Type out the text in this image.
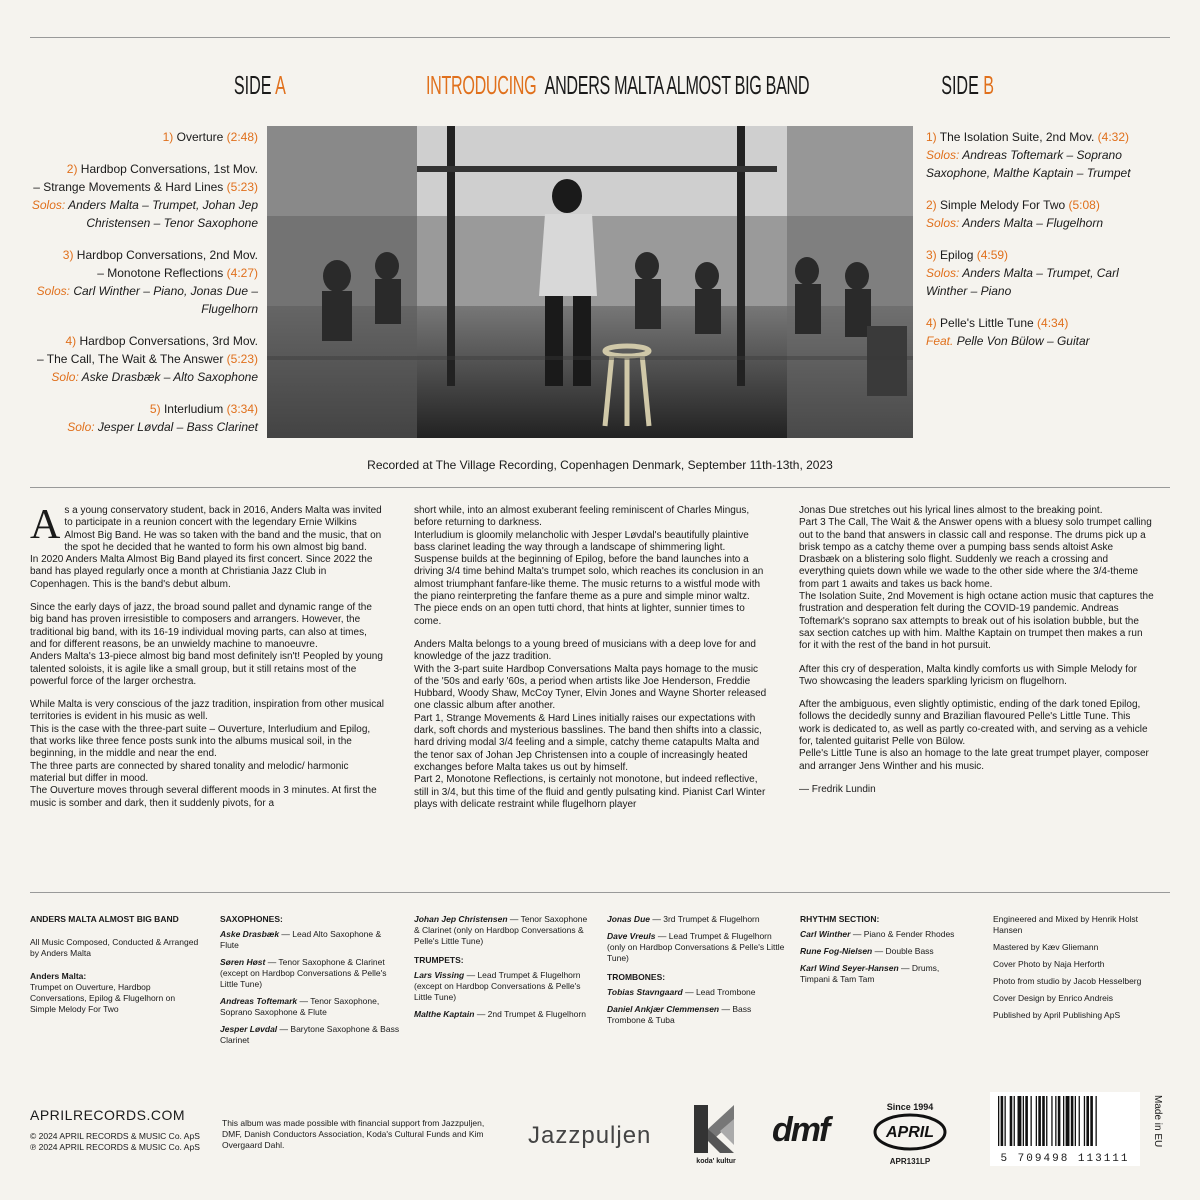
SIDE A	INTRODUCING ANDERS MALTA ALMOST BIG BAND	SIDE B
1) Overture (2:48)
2) Hardbop Conversations, 1st Mov.
– Strange Movements & Hard Lines (5:23)
Solos: Anders Malta – Trumpet, Johan Jep Christensen – Tenor Saxophone
3) Hardbop Conversations, 2nd Mov.
– Monotone Reflections (4:27)
Solos: Carl Winther – Piano, Jonas Due – Flugelhorn
4) Hardbop Conversations, 3rd Mov.
– The Call, The Wait & The Answer (5:23)
Solo: Aske Drasbæk – Alto Saxophone
5) Interludium (3:34)
Solo: Jesper Løvdal – Bass Clarinet
1) The Isolation Suite, 2nd Mov. (4:32)
Solos: Andreas Toftemark – Soprano Saxophone, Malthe Kaptain – Trumpet
2) Simple Melody For Two (5:08)
Solos: Anders Malta – Flugelhorn
3) Epilog (4:59)
Solos: Anders Malta – Trumpet, Carl Winther – Piano
4) Pelle's Little Tune (4:34)
Feat. Pelle Von Bülow – Guitar
Recorded at The Village Recording, Copenhagen Denmark, September 11th-13th, 2023

As a young conservatory student, back in 2016, Anders Malta was invited to participate in a reunion concert with the legendary Ernie Wilkins Almost Big Band. He was so taken with the band and the music, that on the spot he decided that he wanted to form his own almost big band.
In 2020 Anders Malta Almost Big Band played its first concert. Since 2022 the band has played regularly once a month at Christiania Jazz Club in Copenhagen. This is the band's debut album.

Since the early days of jazz, the broad sound pallet and dynamic range of the big band has proven irresistible to composers and arrangers. However, the traditional big band, with its 16-19 individual moving parts, can also at times, and for different reasons, be an unwieldy machine to manoeuvre.
Anders Malta's 13-piece almost big band most definitely isn't! Peopled by young talented soloists, it is agile like a small group, but it still retains most of the powerful force of the larger orchestra.

While Malta is very conscious of the jazz tradition, inspiration from other musical territories is evident in his music as well.
This is the case with the three-part suite – Ouverture, Interludium and Epilog, that works like three fence posts sunk into the albums musical soil, in the beginning, in the middle and near the end.
The three parts are connected by shared tonality and melodic/ harmonic material but differ in mood.
The Ouverture moves through several different moods in 3 minutes. At first the music is somber and dark, then it suddenly pivots, for a

short while, into an almost exuberant feeling reminiscent of Charles Mingus, before returning to darkness.
Interludium is gloomily melancholic with Jesper Løvdal's beautifully plaintive bass clarinet leading the way through a landscape of shimmering light.
Suspense builds at the beginning of Epilog, before the band launches into a driving 3/4 time behind Malta's trumpet solo, which reaches its conclusion in an almost triumphant fanfare-like theme. The music returns to a wistful mode with the piano reinterpreting the fanfare theme as a pure and simple minor waltz. The piece ends on an open tutti chord, that hints at lighter, sunnier times to come.

Anders Malta belongs to a young breed of musicians with a deep love for and knowledge of the jazz tradition.
With the 3-part suite Hardbop Conversations Malta pays homage to the music of the '50s and early '60s, a period when artists like Joe Henderson, Freddie Hubbard, Woody Shaw, McCoy Tyner, Elvin Jones and Wayne Shorter released one classic album after another.
Part 1, Strange Movements & Hard Lines initially raises our expectations with dark, soft chords and mysterious basslines. The band then shifts into a classic, hard driving modal 3/4 feeling and a simple, catchy theme catapults Malta and the tenor sax of Johan Jep Christensen into a couple of increasingly heated exchanges before Malta takes us out by himself.
Part 2, Monotone Reflections, is certainly not monotone, but indeed reflective, still in 3/4, but this time of the fluid and gently pulsating kind. Pianist Carl Winter plays with delicate restraint while flugelhorn player

Jonas Due stretches out his lyrical lines almost to the breaking point.
Part 3 The Call, The Wait & the Answer opens with a bluesy solo trumpet calling out to the band that answers in classic call and response. The drums pick up a brisk tempo as a catchy theme over a pumping bass sends altoist Aske Drasbæk on a blistering solo flight. Suddenly we reach a crossing and everything quiets down while we wade to the other side where the 3/4-theme from part 1 awaits and takes us back home.
The Isolation Suite, 2nd Movement is high octane action music that captures the frustration and desperation felt during the COVID-19 pandemic. Andreas Toftemark's soprano sax attempts to break out of his isolation bubble, but the sax section catches up with him. Malthe Kaptain on trumpet then makes a run for it with the rest of the band in hot pursuit.

After this cry of desperation, Malta kindly comforts us with Simple Melody for Two showcasing the leaders sparkling lyricism on flugelhorn.

After the ambiguous, even slightly optimistic, ending of the dark toned Epilog, follows the decidedly sunny and Brazilian flavoured Pelle's Little Tune. This work is dedicated to, as well as partly co-created with, and serving as a vehicle for, talented guitarist Pelle von Bülow.
Pelle's Little Tune is also an homage to the late great trumpet player, composer and arranger Jens Winther and his music.

— Fredrik Lundin

ANDERS MALTA ALMOST BIG BAND
All Music Composed, Conducted & Arranged by Anders Malta
Anders Malta:
Trumpet on Ouverture, Hardbop Conversations, Epilog & Flugelhorn on Simple Melody For Two
SAXOPHONES:
Aske Drasbæk — Lead Alto Saxophone & Flute
Søren Høst — Tenor Saxophone & Clarinet (except on Hardbop Conversations & Pelle's Little Tune)
Andreas Toftemark — Tenor Saxophone, Soprano Saxophone & Flute
Jesper Løvdal — Barytone Saxophone & Bass Clarinet
Johan Jep Christensen — Tenor Saxophone & Clarinet (only on Hardbop Conversations & Pelle's Little Tune)
TRUMPETS:
Lars Vissing — Lead Trumpet & Flugelhorn (except on Hardbop Conversations & Pelle's Little Tune)
Malthe Kaptain — 2nd Trumpet & Flugelhorn
Jonas Due — 3rd Trumpet & Flugelhorn
Dave Vreuls — Lead Trumpet & Flugelhorn (only on Hardbop Conversations & Pelle's Little Tune)
TROMBONES:
Tobias Stavngaard — Lead Trombone
Daniel Ankjær Clemmensen — Bass Trombone & Tuba
RHYTHM SECTION:
Carl Winther — Piano & Fender Rhodes
Rune Fog-Nielsen — Double Bass
Karl Wind Seyer-Hansen — Drums, Timpani & Tam Tam
Engineered and Mixed by Henrik Holst Hansen
Mastered by Kæv Gliemann
Cover Photo by Naja Herforth
Photo from studio by Jacob Hesselberg
Cover Design by Enrico Andreis
Published by April Publishing ApS
APRILRECORDS.COM
© 2024 APRIL RECORDS & MUSIC Co. ApS
℗ 2024 APRIL RECORDS & MUSIC Co. ApS
This album was made possible with financial support from Jazzpuljen, DMF, Danish Conductors Association, Koda's Cultural Funds and Kim Overgaard Dahl.	Jazzpuljen
koda' kultur
dmf
Since 1994
APRIL
APR131LP	5 709498 113111
Made in EU
